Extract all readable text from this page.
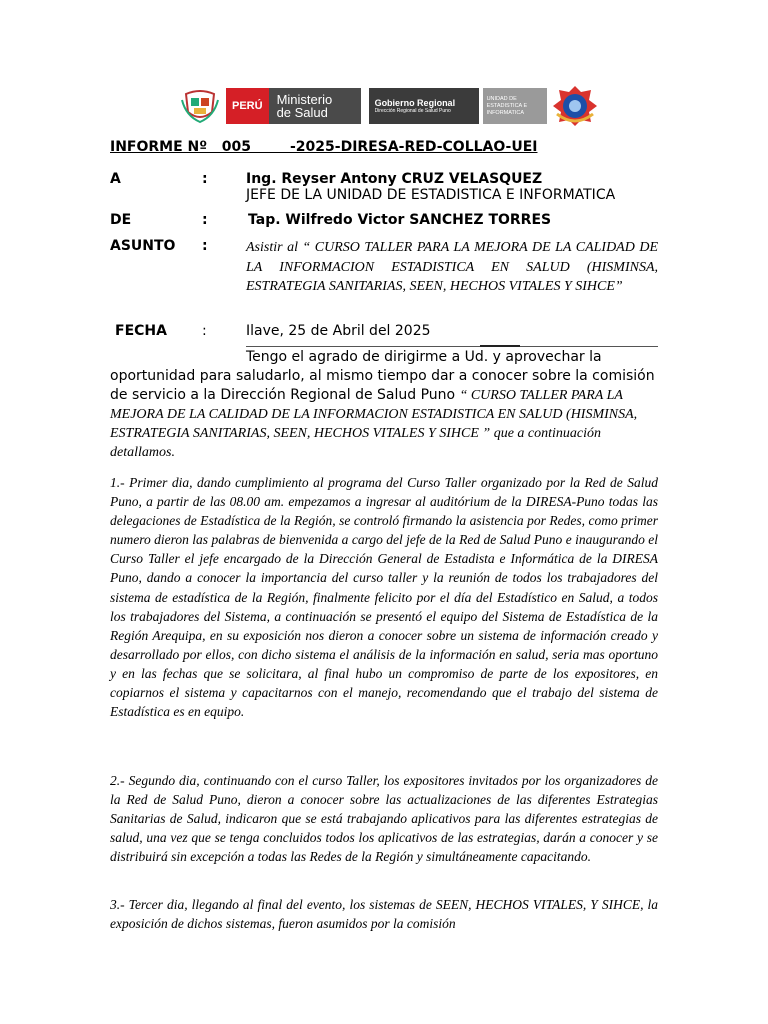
PERÚ	Ministerio
de Salud
Gobierno Regional
Dirección Regional de Salud Puno
UNIDAD DE
ESTADISTICA E
INFORMATICA
INFORME Nº   005        -2025-DIRESA-RED-COLLAO-UEI
A	:	Ing. Reyser Antony CRUZ VELASQUEZ
JEFE DE LA UNIDAD DE ESTADISTICA E INFORMATICA
DE	:	Tap. Wilfredo Victor SANCHEZ TORRES
ASUNTO :	Asistir al “ CURSO TALLER PARA LA MEJORA DE LA CALIDAD DE LA INFORMACION ESTADISTICA EN SALUD (HISMINSA, ESTRATEGIA SANITARIAS, SEEN, HECHOS VITALES Y SIHCE”
FECHA	:	Ilave, 25 de Abril del 2025
Tengo el agrado de dirigirme a Ud. y aprovechar la oportunidad para saludarlo, al mismo tiempo dar a conocer sobre la comisión de servicio a la Dirección Regional de Salud Puno “ CURSO TALLER PARA LA MEJORA DE LA CALIDAD DE LA INFORMACION ESTADISTICA EN SALUD (HISMINSA, ESTRATEGIA SANITARIAS, SEEN, HECHOS VITALES Y SIHCE ” que a continuación detallamos.
1.- Primer dia, dando cumplimiento al programa del Curso Taller organizado por la Red de Salud Puno, a partir de las 08.00 am. empezamos a ingresar al auditórium de la DIRESA-Puno todas las delegaciones de Estadística de la Región, se controló firmando la asistencia por Redes, como primer numero dieron las palabras de bienvenida a cargo del jefe de la Red de Salud Puno e inaugurando el Curso Taller el jefe encargado de la Dirección General de Estadista e Informática de la DIRESA Puno, dando a conocer la importancia del curso taller y la reunión de todos los trabajadores del sistema de estadística de la Región, finalmente felicito por el día del Estadístico en Salud, a todos los trabajadores del Sistema, a continuación se presentó el equipo del Sistema de Estadística de la Región Arequipa, en su exposición nos dieron a conocer sobre un sistema de información creado y desarrollado por ellos, con dicho sistema el análisis de la información en salud, seria mas oportuno y en las fechas que se solicitara, al final hubo un compromiso de parte de los expositores, en copiarnos el sistema y capacitarnos con el manejo, recomendando que el trabajo del sistema de Estadística es en equipo.
2.- Segundo dia, continuando con el curso Taller, los expositores invitados por los organizadores de la Red de Salud Puno, dieron a conocer sobre las actualizaciones de las diferentes Estrategias Sanitarias de Salud, indicaron que se está trabajando aplicativos para las diferentes estrategias de salud, una vez que se tenga concluidos todos los aplicativos de las estrategias, darán a conocer y se distribuirá sin excepción a todas las Redes de la Región y simultáneamente capacitando.
3.- Tercer dia, llegando al final del evento, los sistemas de SEEN, HECHOS VITALES, Y SIHCE, la exposición de dichos sistemas, fueron asumidos por la comisión
